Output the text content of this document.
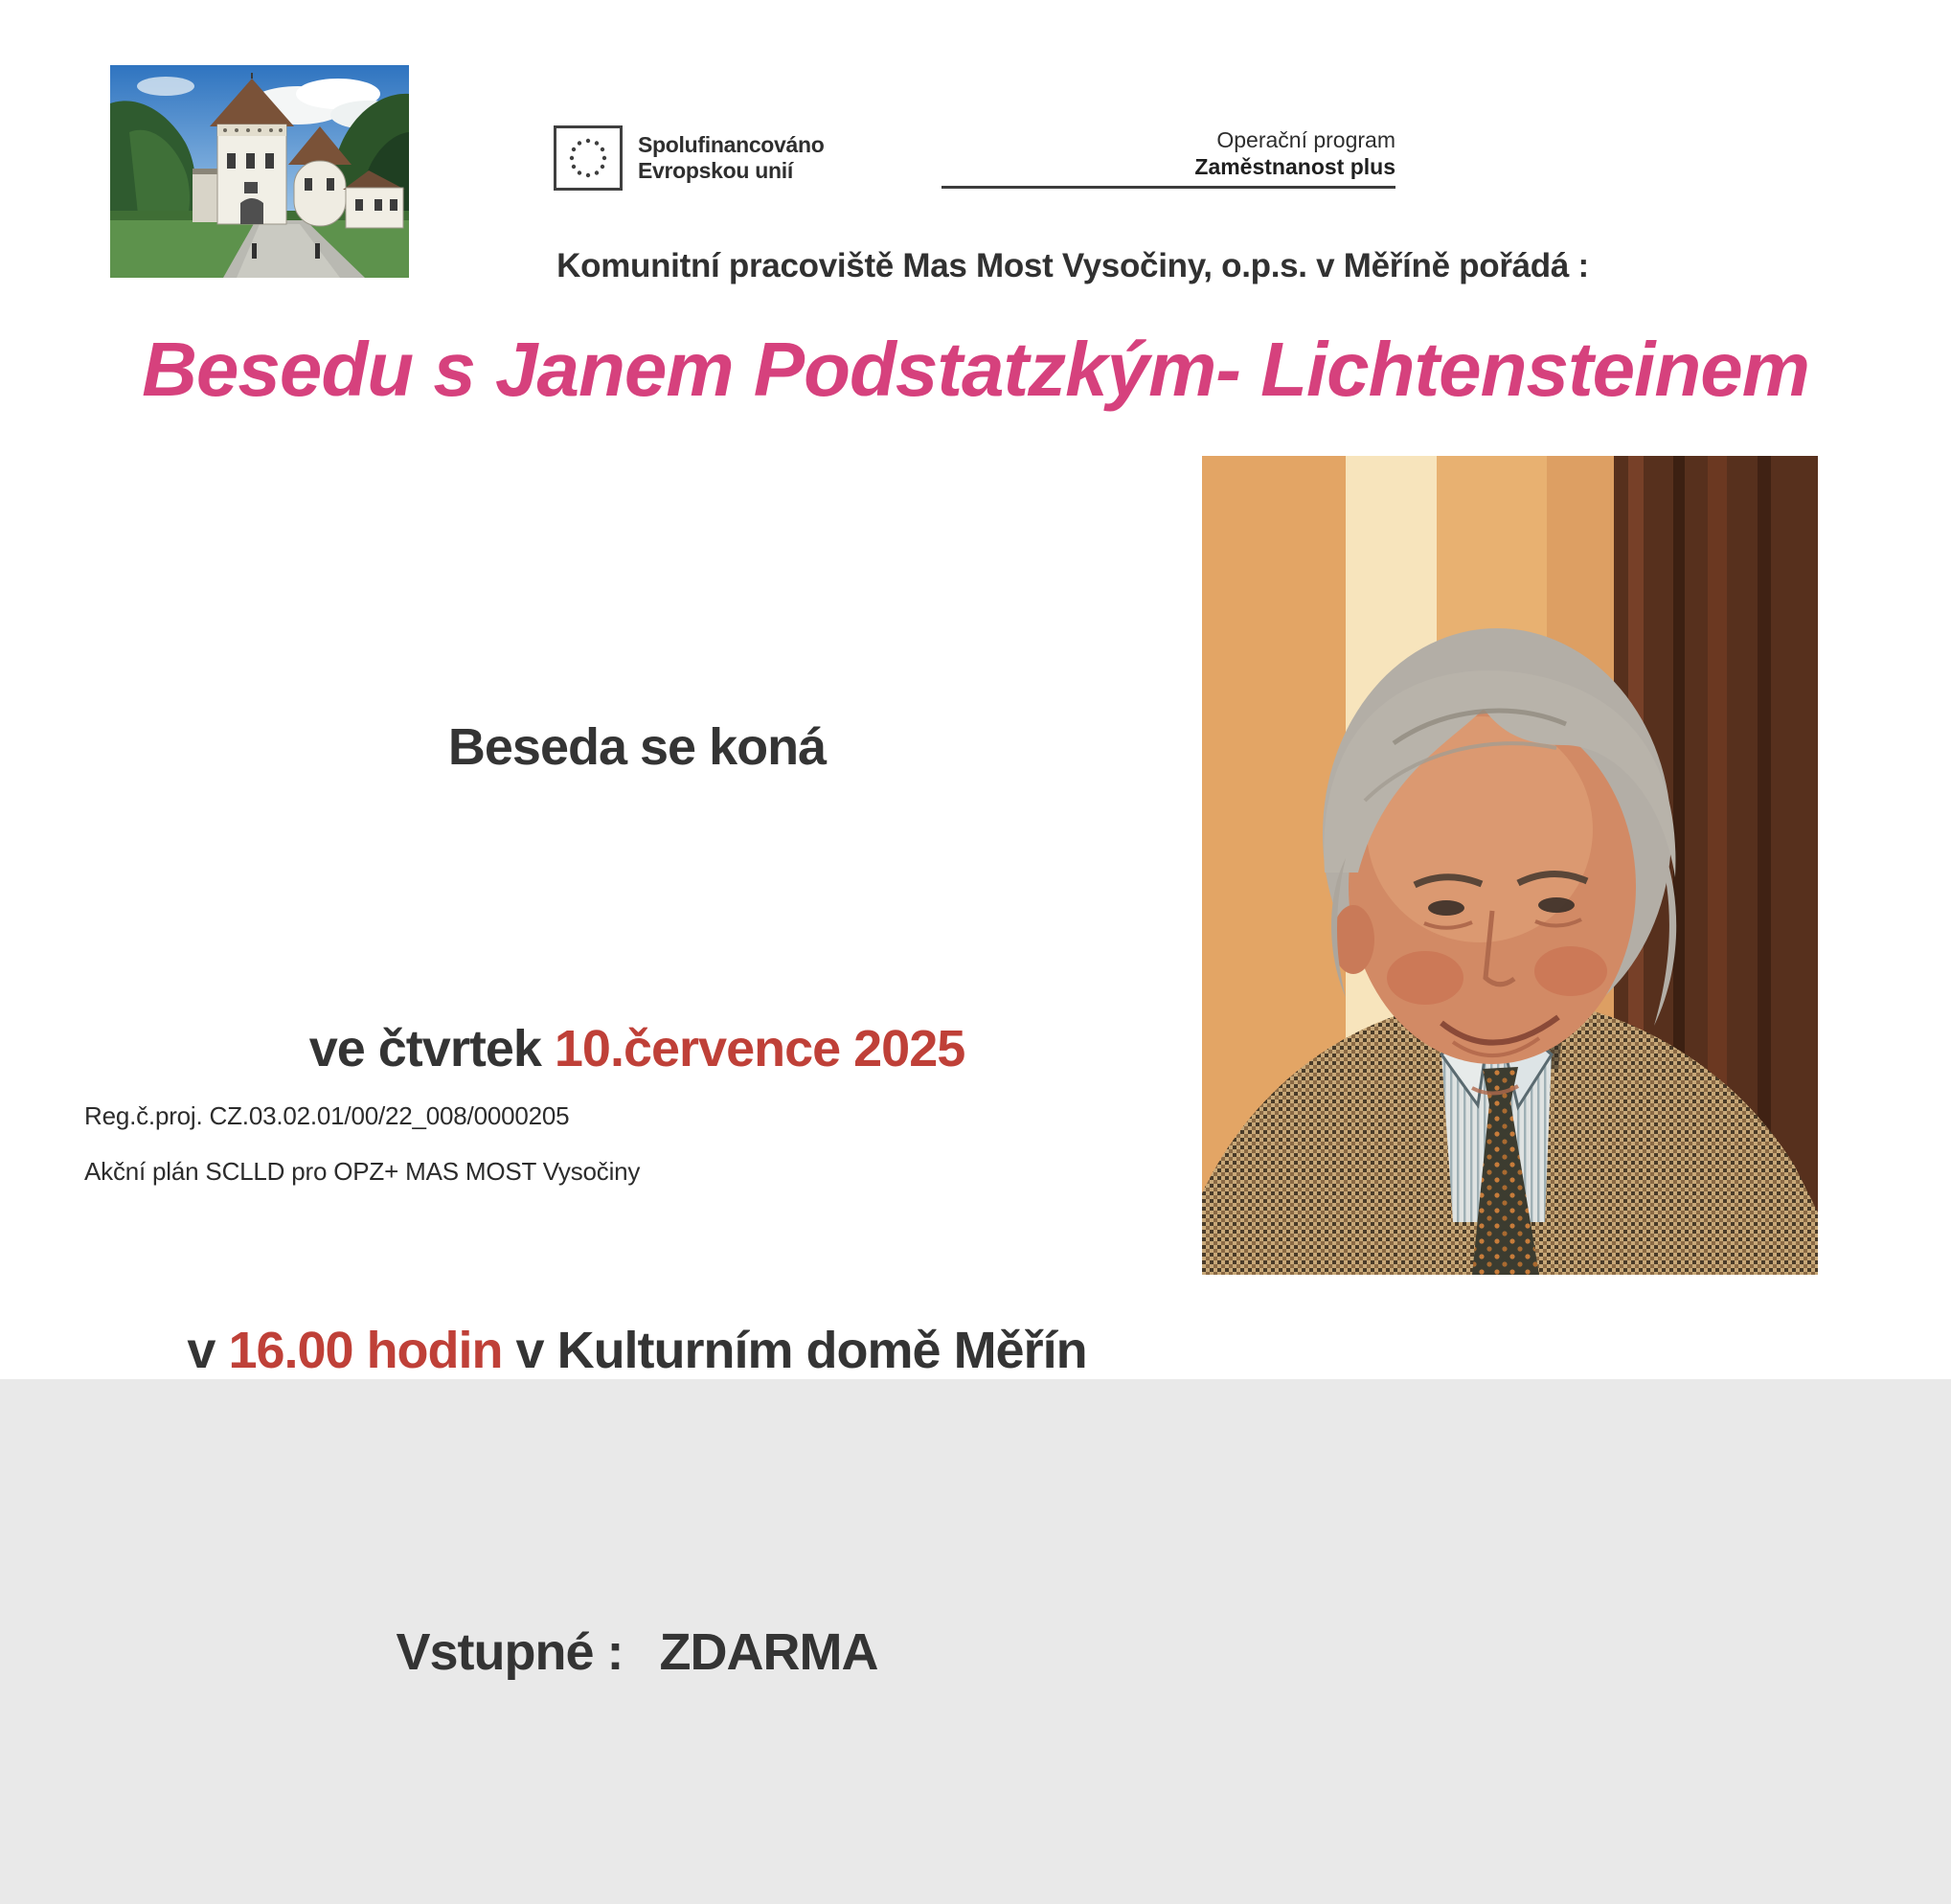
Spolufinancováno
Evropskou unií
Operační program
Zaměstnanost plus
Komunitní pracoviště Mas Most Vysočiny, o.p.s. v Měříně pořádá :
Besedu s Janem Podstatzkým- Lichtensteinem

Beseda se koná

ve čtvrtek 10.července 2025

v 16.00 hodin v Kulturním domě Měřín

Vstupné : ZDARMA

Reg.č.proj. CZ.03.02.01/00/22_008/0000205
Akční plán SCLLD pro OPZ+ MAS MOST Vysočiny
